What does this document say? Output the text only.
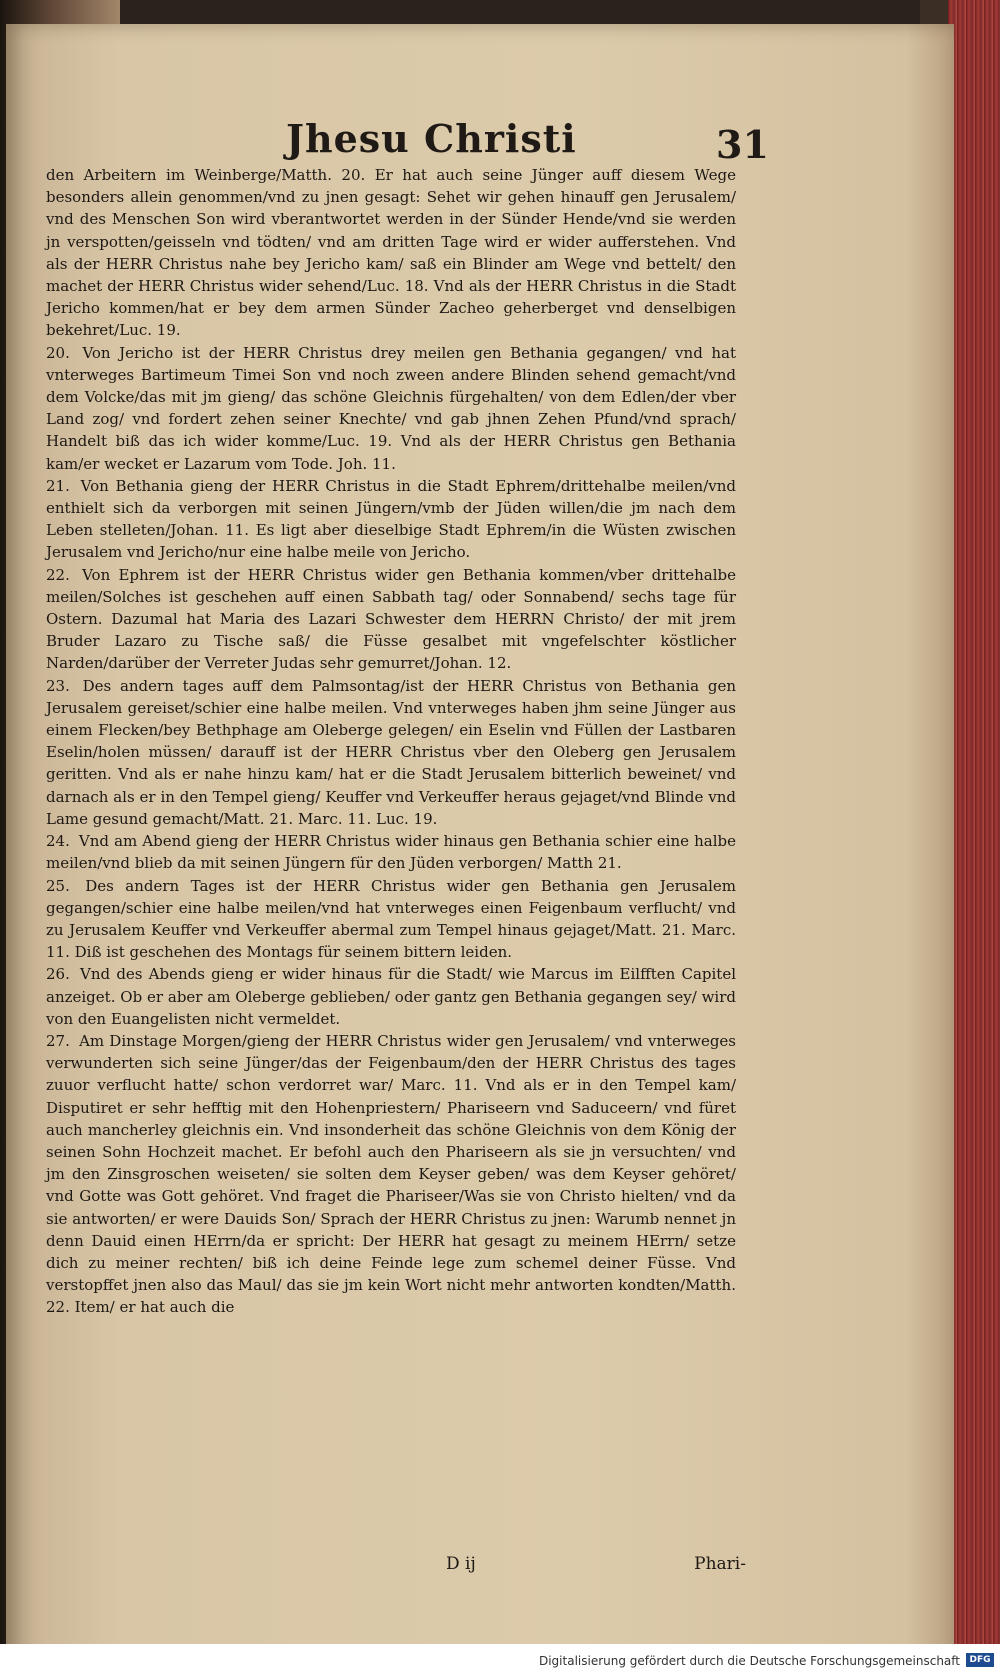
Jhesu Christi	31

den Arbeitern im Weinberge/Matth. 20. Er hat auch seine Jünger auff diesem Wege besonders allein genommen/vnd zu jnen gesagt: Sehet wir gehen hinauff gen Jerusalem/ vnd des Menschen Son wird vberantwortet werden in der Sünder Hende/vnd sie werden jn verspotten/geisseln vnd tödten/ vnd am dritten Tage wird er wider aufferstehen. Vnd als der HERR Christus nahe bey Jericho kam/ saß ein Blinder am Wege vnd bettelt/ den machet der HERR Christus wider sehend/Luc. 18. Vnd als der HERR Christus in die Stadt Jericho kommen/hat er bey dem armen Sünder Zacheo geherberget vnd denselbigen bekehret/Luc. 19.

20. Von Jericho ist der HERR Christus drey meilen gen Bethania gegangen/ vnd hat vnterweges Bartimeum Timei Son vnd noch zween andere Blinden sehend gemacht/vnd dem Volcke/das mit jm gieng/ das schöne Gleichnis fürgehalten/ von dem Edlen/der vber Land zog/ vnd fordert zehen seiner Knechte/ vnd gab jhnen Zehen Pfund/vnd sprach/ Handelt biß das ich wider komme/Luc. 19. Vnd als der HERR Christus gen Bethania kam/er wecket er Lazarum vom Tode. Joh. 11.

21. Von Bethania gieng der HERR Christus in die Stadt Ephrem/drittehalbe meilen/vnd enthielt sich da verborgen mit seinen Jüngern/vmb der Jüden willen/die jm nach dem Leben stelleten/Johan. 11. Es ligt aber dieselbige Stadt Ephrem/in die Wüsten zwischen Jerusalem vnd Jericho/nur eine halbe meile von Jericho.

22. Von Ephrem ist der HERR Christus wider gen Bethania kommen/vber drittehalbe meilen/Solches ist geschehen auff einen Sabbath tag/ oder Sonnabend/ sechs tage für Ostern. Dazumal hat Maria des Lazari Schwester dem HERRN Christo/ der mit jrem Bruder Lazaro zu Tische saß/ die Füsse gesalbet mit vngefelschter köstlicher Narden/darüber der Verreter Judas sehr gemurret/Johan. 12.

23. Des andern tages auff dem Palmsontag/ist der HERR Christus von Bethania gen Jerusalem gereiset/schier eine halbe meilen. Vnd vnterweges haben jhm seine Jünger aus einem Flecken/bey Bethphage am Oleberge gelegen/ ein Eselin vnd Füllen der Lastbaren Eselin/holen müssen/ darauff ist der HERR Christus vber den Oleberg gen Jerusalem geritten. Vnd als er nahe hinzu kam/ hat er die Stadt Jerusalem bitterlich beweinet/ vnd darnach als er in den Tempel gieng/ Keuffer vnd Verkeuffer heraus gejaget/vnd Blinde vnd Lame gesund gemacht/Matt. 21. Marc. 11. Luc. 19.

24. Vnd am Abend gieng der HERR Christus wider hinaus gen Bethania schier eine halbe meilen/vnd blieb da mit seinen Jüngern für den Jüden verborgen/ Matth 21.

25. Des andern Tages ist der HERR Christus wider gen Bethania gen Jerusalem gegangen/schier eine halbe meilen/vnd hat vnterweges einen Feigenbaum verflucht/ vnd zu Jerusalem Keuffer vnd Verkeuffer abermal zum Tempel hinaus gejaget/Matt. 21. Marc. 11. Diß ist geschehen des Montags für seinem bittern leiden.

26. Vnd des Abends gieng er wider hinaus für die Stadt/ wie Marcus im Eilfften Capitel anzeiget. Ob er aber am Oleberge geblieben/ oder gantz gen Bethania gegangen sey/ wird von den Euangelisten nicht vermeldet.

27. Am Dinstage Morgen/gieng der HERR Christus wider gen Jerusalem/ vnd vnterweges verwunderten sich seine Jünger/das der Feigenbaum/den der HERR Christus des tages zuuor verflucht hatte/ schon verdorret war/ Marc. 11. Vnd als er in den Tempel kam/ Disputiret er sehr hefftig mit den Hohenpriestern/ Phariseern vnd Saduceern/ vnd füret auch mancherley gleichnis ein. Vnd insonderheit das schöne Gleichnis von dem König der seinen Sohn Hochzeit machet. Er befohl auch den Phariseern als sie jn versuchten/ vnd jm den Zinsgroschen weiseten/ sie solten dem Keyser geben/ was dem Keyser gehöret/ vnd Gotte was Gott gehöret. Vnd fraget die Phariseer/Was sie von Christo hielten/ vnd da sie antworten/ er were Dauids Son/ Sprach der HERR Christus zu jnen: Warumb nennet jn denn Dauid einen HErrn/da er spricht: Der HERR hat gesagt zu meinem HErrn/ setze dich zu meiner rechten/ biß ich deine Feinde lege zum schemel deiner Füsse. Vnd verstopffet jnen also das Maul/ das sie jm kein Wort nicht mehr antworten kondten/Matth. 22. Item/ er hat auch die

D ij	Phari-
Digitalisierung gefördert durch die Deutsche Forschungsgemeinschaft	DFG
